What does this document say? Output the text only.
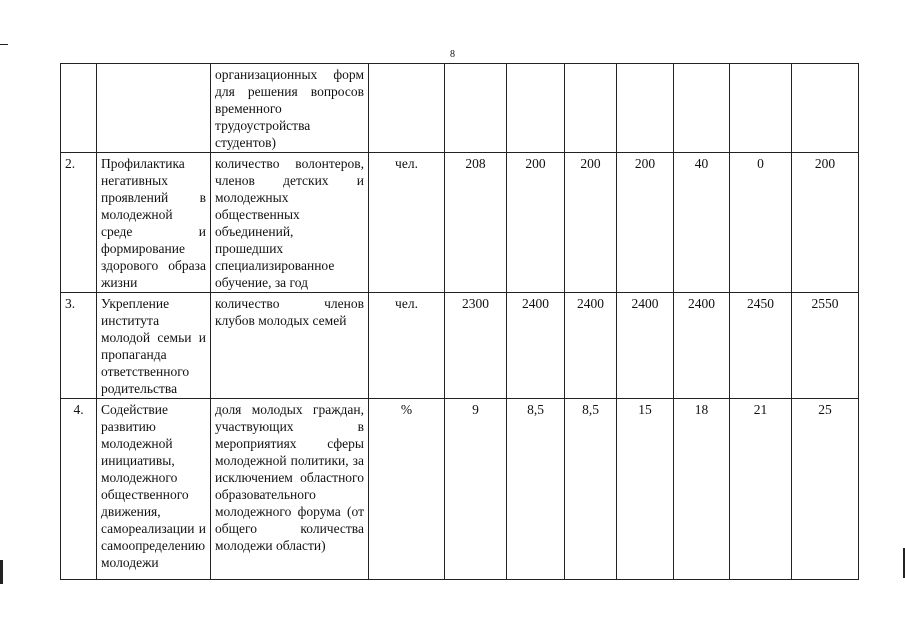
8
		организационных форм для решения вопросов временного трудоустройства студентов)								
2.	Профилактика негативных проявлений в молодежной среде и формирование здорового образа жизни	количество волонтеров, членов детских и молодежных общественных объединений, прошедших специализированное обучение, за год	чел.	208	200	200	200	40	0	200
3.	Укрепление института молодой семьи и пропаганда ответственного родительства	количество членов клубов молодых семей	чел.	2300	2400	2400	2400	2400	2450	2550
4.	Содействие развитию молодежной инициативы, молодежного общественного движения, самореализации и самоопределению молодежи	доля молодых граждан, участвующих в мероприятиях сферы молодежной политики, за исключением областного образовательного молодежного форума (от общего количества молодежи области)	%	9	8,5	8,5	15	18	21	25
